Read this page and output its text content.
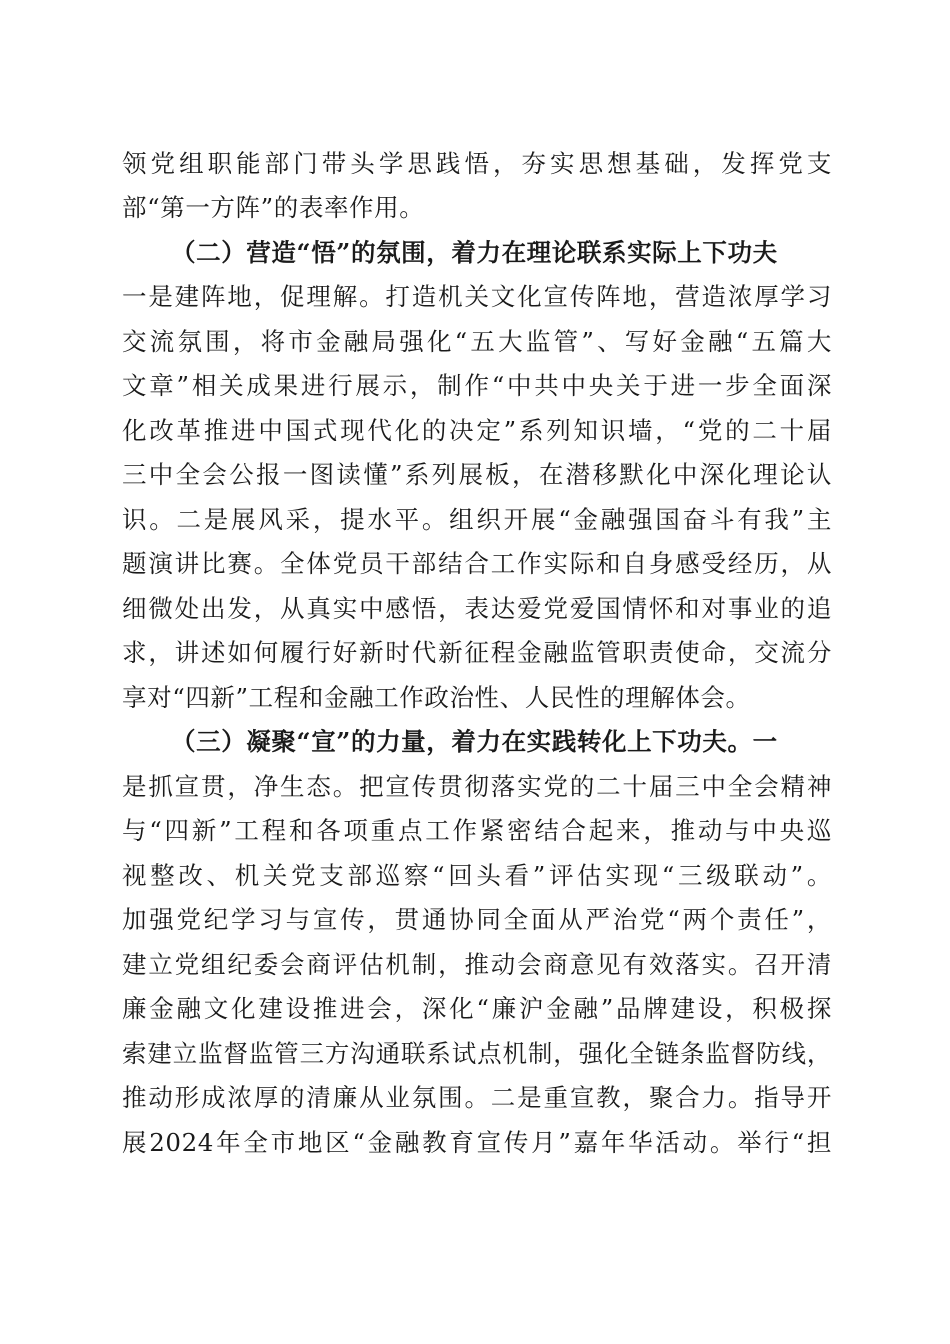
领党组职能部门带头学思践悟，夯实思想基础，发挥党支
部“第一方阵”的表率作用。
（二）营造“悟”的氛围，着力在理论联系实际上下功夫
一是建阵地，促理解。打造机关文化宣传阵地，营造浓厚学习
交流氛围，将市金融局强化“五大监管”、写好金融“五篇大
文章”相关成果进行展示，制作“中共中央关于进一步全面深
化改革推进中国式现代化的决定”系列知识墙，“党的二十届
三中全会公报一图读懂”系列展板，在潜移默化中深化理论认
识。二是展风采，提水平。组织开展“金融强国奋斗有我”主
题演讲比赛。全体党员干部结合工作实际和自身感受经历，从
细微处出发，从真实中感悟，表达爱党爱国情怀和对事业的追
求，讲述如何履行好新时代新征程金融监管职责使命，交流分
享对“四新”工程和金融工作政治性、人民性的理解体会。
（三）凝聚“宣”的力量，着力在实践转化上下功夫。一
是抓宣贯，净生态。把宣传贯彻落实党的二十届三中全会精神
与“四新”工程和各项重点工作紧密结合起来，推动与中央巡
视整改、机关党支部巡察“回头看”评估实现“三级联动”。
加强党纪学习与宣传，贯通协同全面从严治党“两个责任”，
建立党组纪委会商评估机制，推动会商意见有效落实。召开清
廉金融文化建设推进会，深化“廉沪金融”品牌建设，积极探
索建立监督监管三方沟通联系试点机制，强化全链条监督防线，
推动形成浓厚的清廉从业氛围。二是重宣教，聚合力。指导开
展2024年全市地区“金融教育宣传月”嘉年华活动。举行“担
